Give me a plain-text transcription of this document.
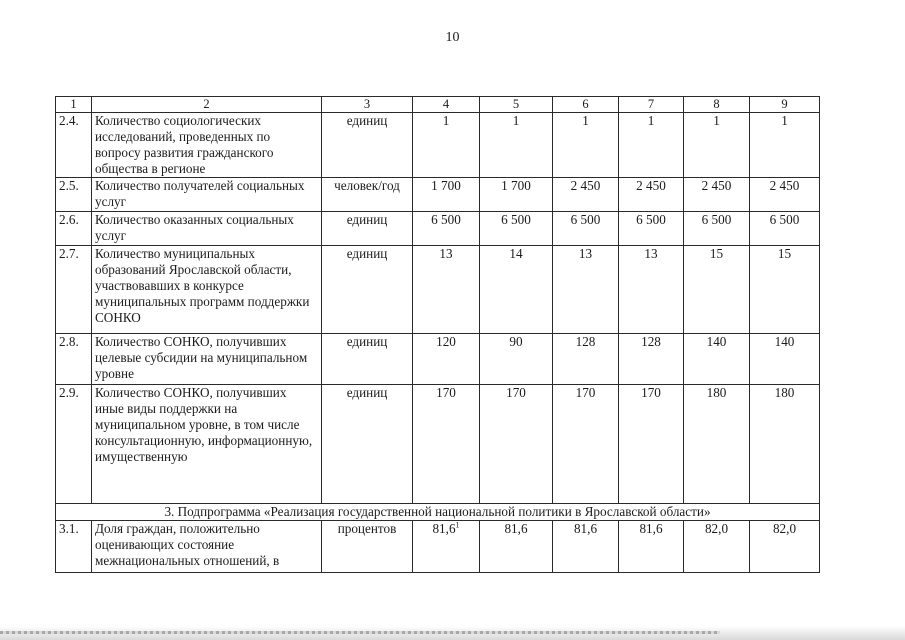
10
1	2	3	4	5	6	7	8	9
2.4.	Количество социологических исследований, проведенных по вопросу развития гражданского общества в регионе	единиц	1	1	1	1	1	1
2.5.	Количество получателей социальных услуг	человек/год	1 700	1 700	2 450	2 450	2 450	2 450
2.6.	Количество оказанных социальных услуг	единиц	6 500	6 500	6 500	6 500	6 500	6 500
2.7.	Количество муниципальных образований Ярославской области, участвовавших в конкурсе муниципальных программ поддержки СОНКО	единиц	13	14	13	13	15	15
2.8.	Количество СОНКО, получивших целевые субсидии на муниципальном уровне	единиц	120	90	128	128	140	140
2.9.	Количество СОНКО, получивших иные виды поддержки на муниципальном уровне, в том числе консультационную, информационную, имущественную	единиц	170	170	170	170	180	180
3. Подпрограмма «Реализация государственной национальной политики в Ярославской области»								
3.1.	Доля граждан, положительно оценивающих состояние межнациональных отношений, в	процентов	81,6$^1$	81,6	81,6	81,6	82,0	82,0
